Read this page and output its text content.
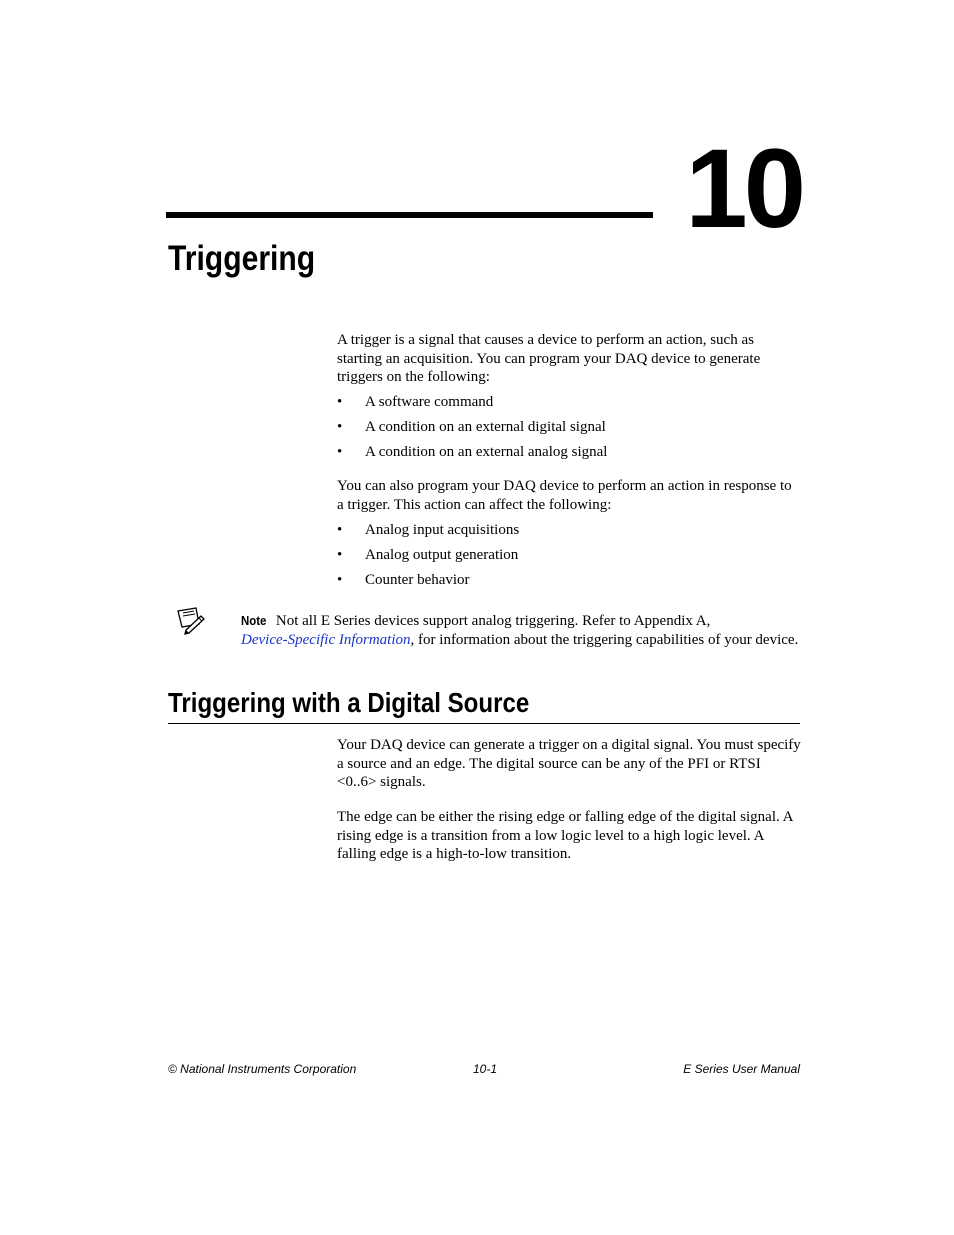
10
Triggering

A trigger is a signal that causes a device to perform an action, such as starting an acquisition. You can program your DAQ device to generate triggers on the following:

• A software command
• A condition on an external digital signal
• A condition on an external analog signal

You can also program your DAQ device to perform an action in response to a trigger. This action can affect the following:

• Analog input acquisitions
• Analog output generation
• Counter behavior

Note Not all E Series devices support analog triggering. Refer to Appendix A,
Device-Specific Information, for information about the triggering capabilities of your device.

Triggering with a Digital Source

Your DAQ device can generate a trigger on a digital signal. You must specify a source and an edge. The digital source can be any of the PFI or RTSI <0..6> signals.

The edge can be either the rising edge or falling edge of the digital signal. A rising edge is a transition from a low logic level to a high logic level. A falling edge is a high-to-low transition.

© National Instruments Corporation	10-1	E Series User Manual
